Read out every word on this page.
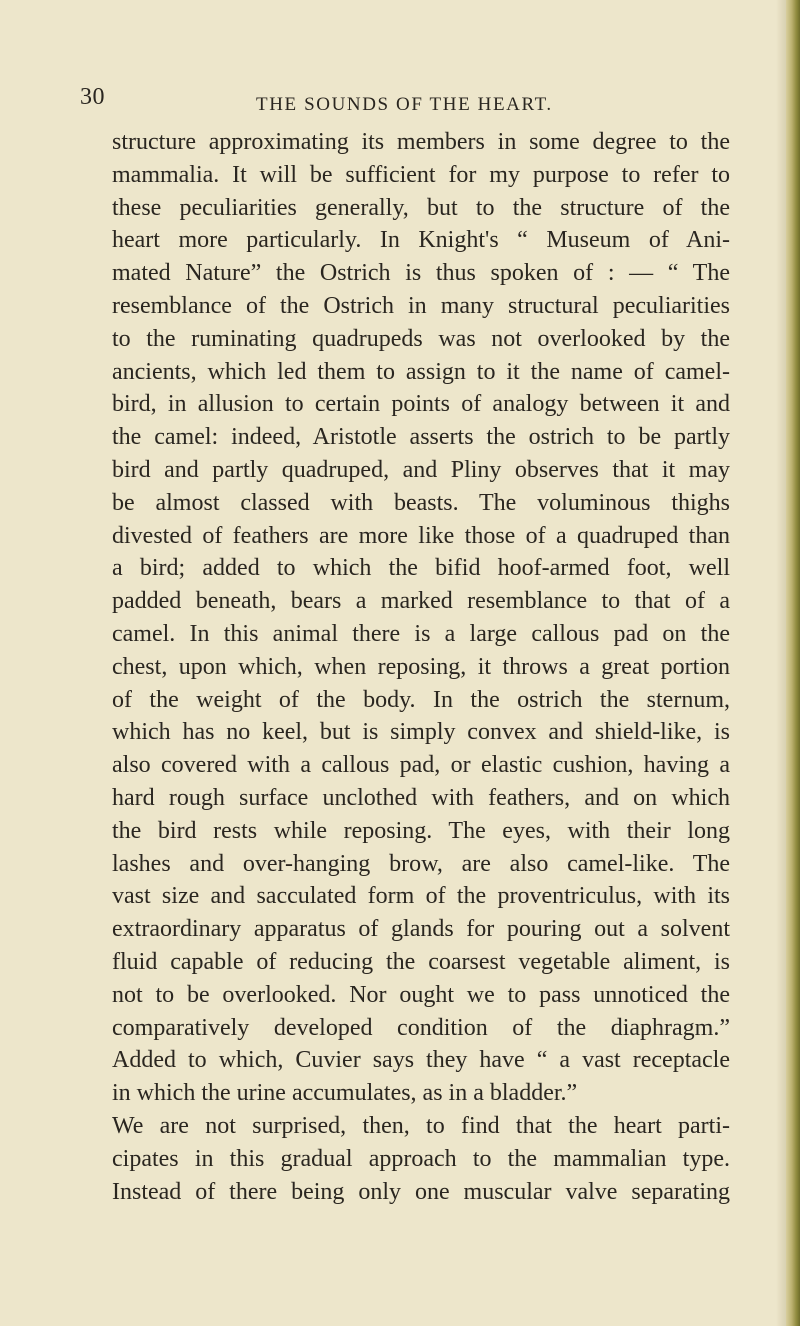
30	THE SOUNDS OF THE HEART.
structure approximating its members in some degree to the
mammalia. It will be sufficient for my purpose to refer to
these peculiarities generally, but to the structure of the
heart more particularly. In Knight's “ Museum of Ani-
mated Nature” the Ostrich is thus spoken of : — “ The
resemblance of the Ostrich in many structural peculiarities
to the ruminating quadrupeds was not overlooked by the
ancients, which led them to assign to it the name of camel-
bird, in allusion to certain points of analogy between it and
the camel: indeed, Aristotle asserts the ostrich to be partly
bird and partly quadruped, and Pliny observes that it may
be almost classed with beasts. The voluminous thighs
divested of feathers are more like those of a quadruped than
a bird; added to which the bifid hoof-armed foot, well
padded beneath, bears a marked resemblance to that of a
camel. In this animal there is a large callous pad on the
chest, upon which, when reposing, it throws a great portion
of the weight of the body. In the ostrich the sternum,
which has no keel, but is simply convex and shield-like, is
also covered with a callous pad, or elastic cushion, having a
hard rough surface unclothed with feathers, and on which
the bird rests while reposing. The eyes, with their long
lashes and over-hanging brow, are also camel-like. The
vast size and sacculated form of the proventriculus, with its
extraordinary apparatus of glands for pouring out a solvent
fluid capable of reducing the coarsest vegetable aliment, is
not to be overlooked. Nor ought we to pass unnoticed the
comparatively developed condition of the diaphragm.”
Added to which, Cuvier says they have “ a vast receptacle
in which the urine accumulates, as in a bladder.”
We are not surprised, then, to find that the heart parti-
cipates in this gradual approach to the mammalian type.
Instead of there being only one muscular valve separating
